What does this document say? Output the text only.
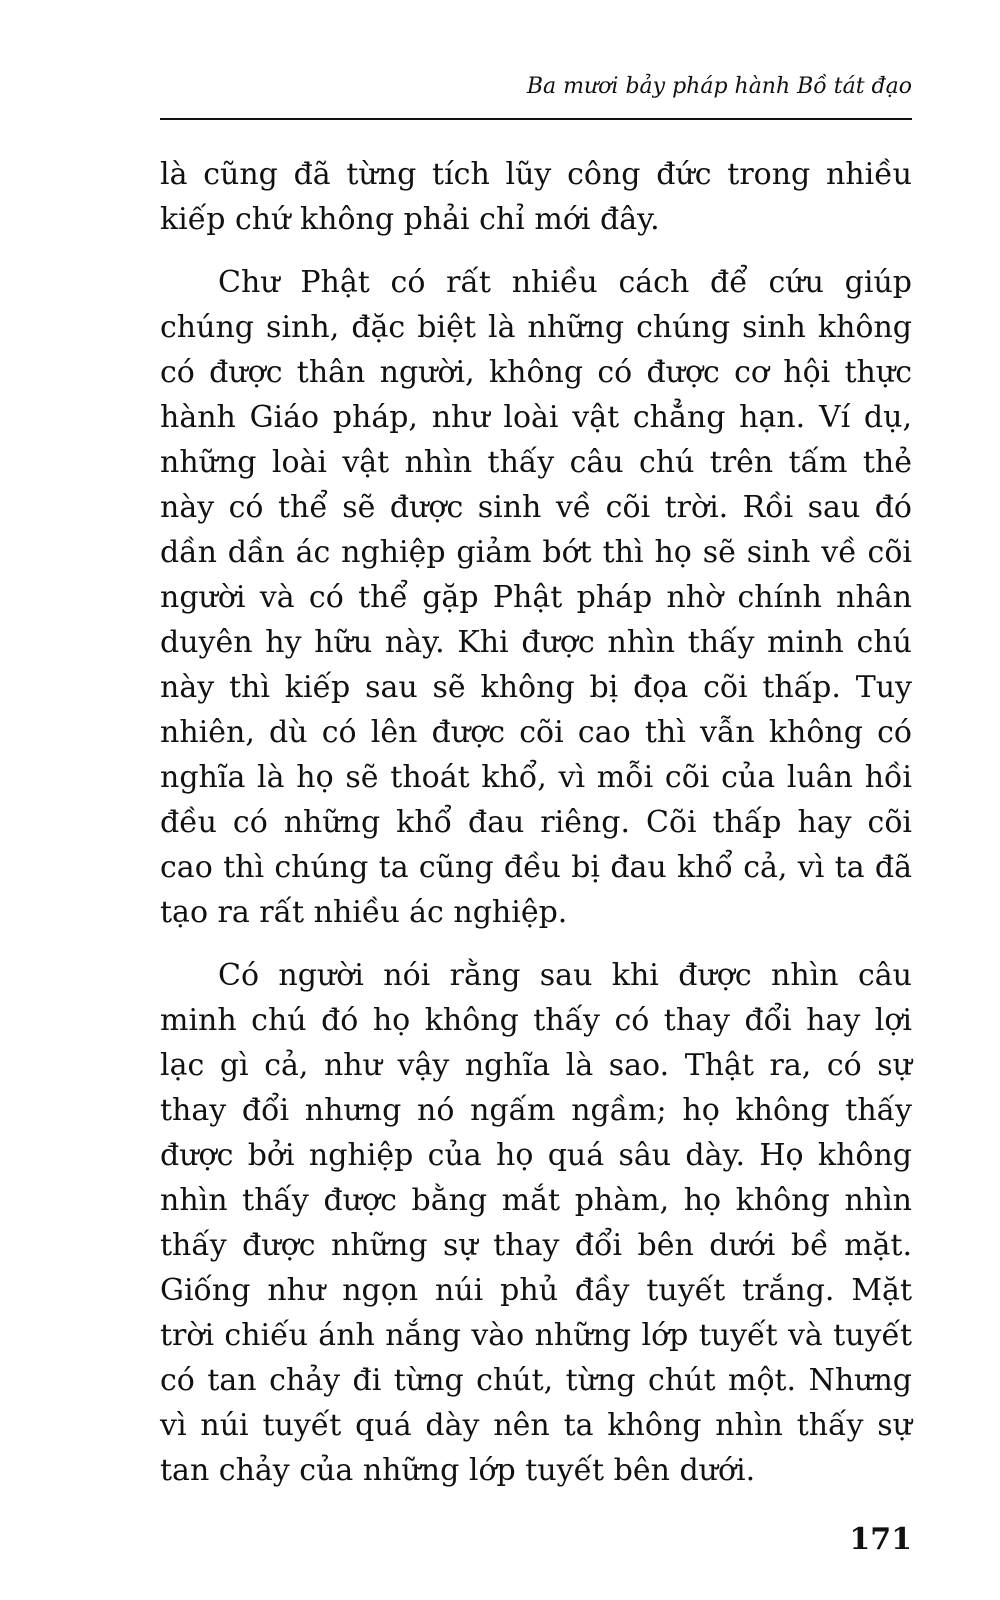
Ba mươi bảy pháp hành Bồ tát đạo

là cũng đã từng tích lũy công đức trong nhiều kiếp chứ không phải chỉ mới đây.

Chư Phật có rất nhiều cách để cứu giúp chúng sinh, đặc biệt là những chúng sinh không có được thân người, không có được cơ hội thực hành Giáo pháp, như loài vật chẳng hạn. Ví dụ, những loài vật nhìn thấy câu chú trên tấm thẻ này có thể sẽ được sinh về cõi trời. Rồi sau đó dần dần ác nghiệp giảm bớt thì họ sẽ sinh về cõi người và có thể gặp Phật pháp nhờ chính nhân duyên hy hữu này. Khi được nhìn thấy minh chú này thì kiếp sau sẽ không bị đọa cõi thấp. Tuy nhiên, dù có lên được cõi cao thì vẫn không có nghĩa là họ sẽ thoát khổ, vì mỗi cõi của luân hồi đều có những khổ đau riêng. Cõi thấp hay cõi cao thì chúng ta cũng đều bị đau khổ cả, vì ta đã tạo ra rất nhiều ác nghiệp.

Có người nói rằng sau khi được nhìn câu minh chú đó họ không thấy có thay đổi hay lợi lạc gì cả, như vậy nghĩa là sao. Thật ra, có sự thay đổi nhưng nó ngấm ngầm; họ không thấy được bởi nghiệp của họ quá sâu dày. Họ không nhìn thấy được bằng mắt phàm, họ không nhìn thấy được những sự thay đổi bên dưới bề mặt. Giống như ngọn núi phủ đầy tuyết trắng. Mặt trời chiếu ánh nắng vào những lớp tuyết và tuyết có tan chảy đi từng chút, từng chút một. Nhưng vì núi tuyết quá dày nên ta không nhìn thấy sự tan chảy của những lớp tuyết bên dưới.

171
